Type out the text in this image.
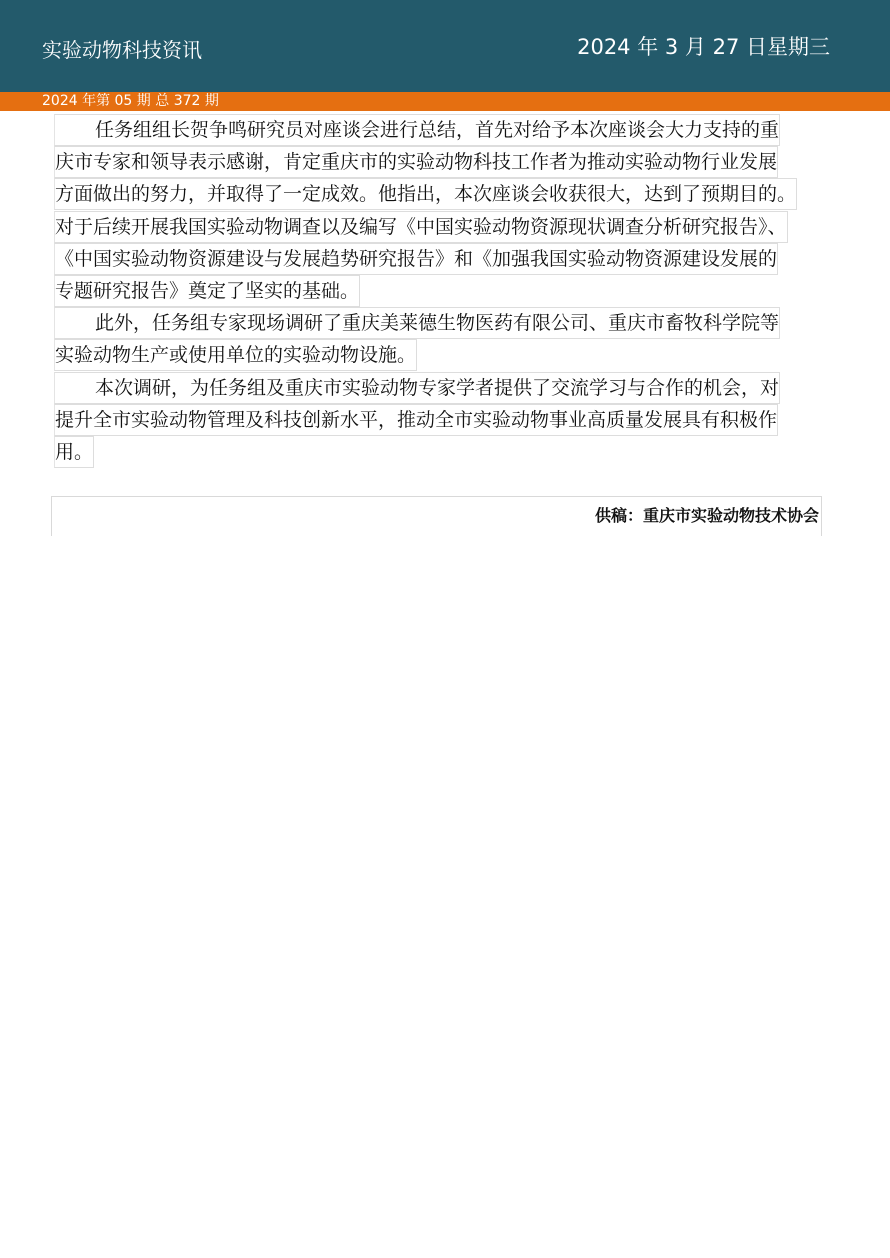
实验动物科技资讯	2024 年 3 月 27 日星期三
2024 年第 05 期 总 372 期
任务组组长贺争鸣研究员对座谈会进行总结，首先对给予本次座谈会大力支持的重
庆市专家和领导表示感谢，肯定重庆市的实验动物科技工作者为推动实验动物行业发展
方面做出的努力，并取得了一定成效。他指出，本次座谈会收获很大，达到了预期目的。
对于后续开展我国实验动物调查以及编写《中国实验动物资源现状调查分析研究报告》、
《中国实验动物资源建设与发展趋势研究报告》和《加强我国实验动物资源建设发展的
专题研究报告》奠定了坚实的基础。
此外，任务组专家现场调研了重庆美莱德生物医药有限公司、重庆市畜牧科学院等
实验动物生产或使用单位的实验动物设施。
本次调研，为任务组及重庆市实验动物专家学者提供了交流学习与合作的机会，对
提升全市实验动物管理及科技创新水平，推动全市实验动物事业高质量发展具有积极作
用。
供稿：重庆市实验动物技术协会
